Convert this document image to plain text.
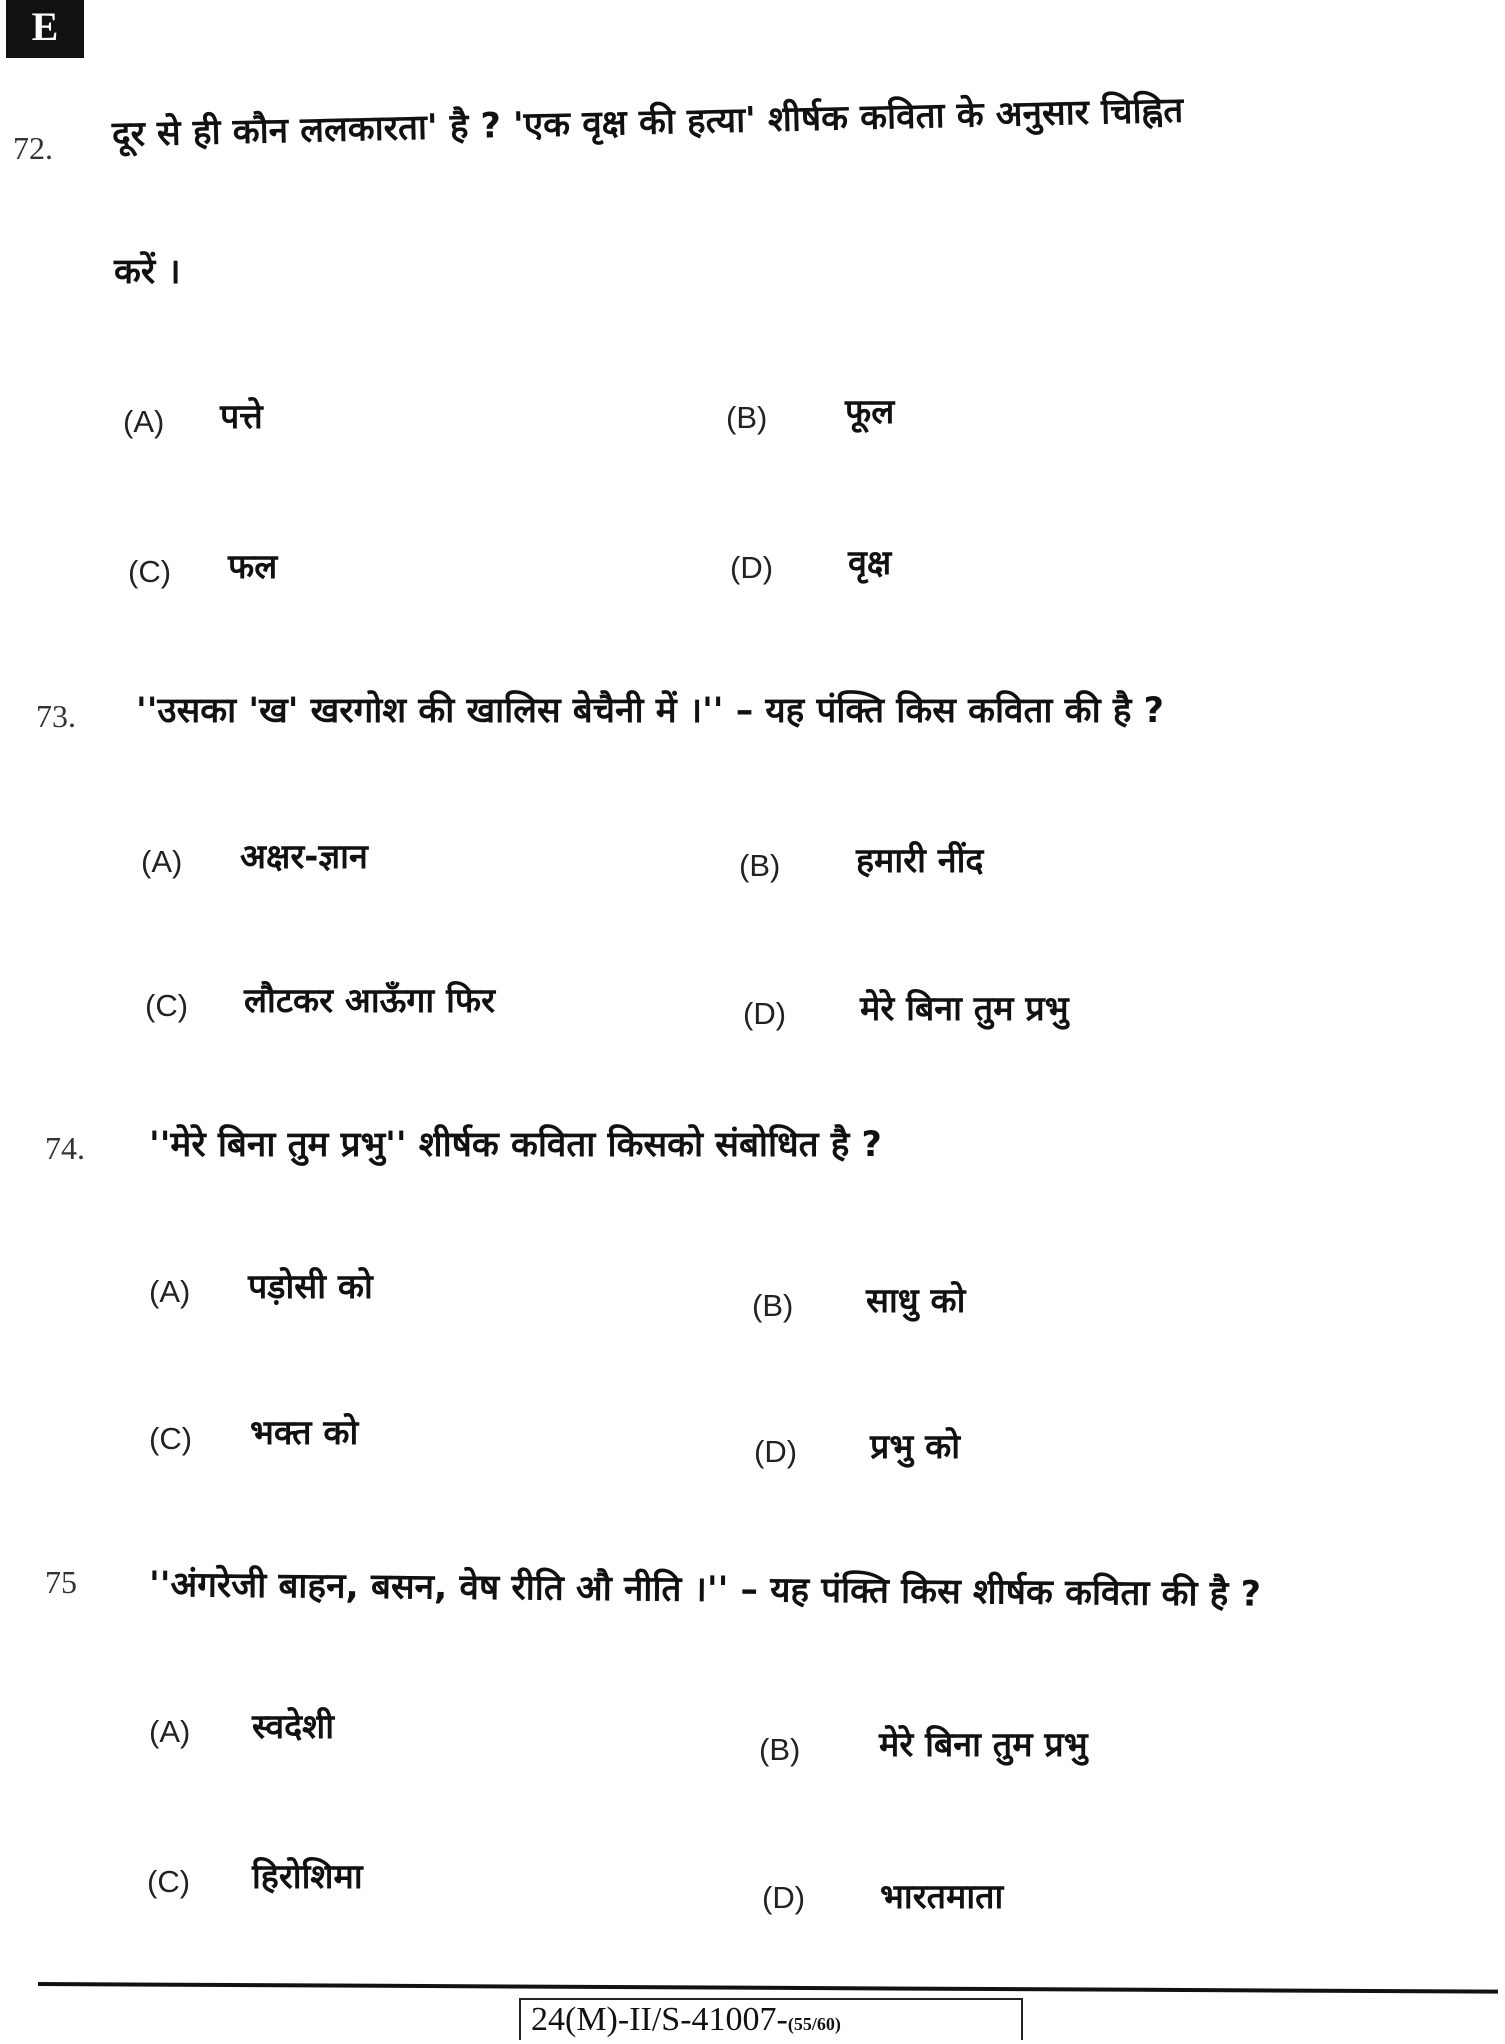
E
72. दूर से ही कौन ललकारता' है ? 'एक वृक्ष की हत्या' शीर्षक कविता के अनुसार चिह्नित
करें ।
(A) पत्ते	(B) फूल
(C) फल	(D) वृक्ष
73. ''उसका 'ख' खरगोश की खालिस बेचैनी में ।'' – यह पंक्ति किस कविता की है ?
(A) अक्षर-ज्ञान	(B) हमारी नींद
(C) लौटकर आऊँगा फिर	(D) मेरे बिना तुम प्रभु
74. ''मेरे बिना तुम प्रभु'' शीर्षक कविता किसको संबोधित है ?
(A) पड़ोसी को	(B) साधु को
(C) भक्त को	(D) प्रभु को
75 ''अंगरेजी बाहन, बसन, वेष रीति औ नीति ।'' – यह पंक्ति किस शीर्षक कविता की है ?
(A) स्वदेशी
(B) मेरे बिना तुम प्रभु
(C) हिरोशिमा
(D) भारतमाता
24(M)-II/S-41007-(55/60)
